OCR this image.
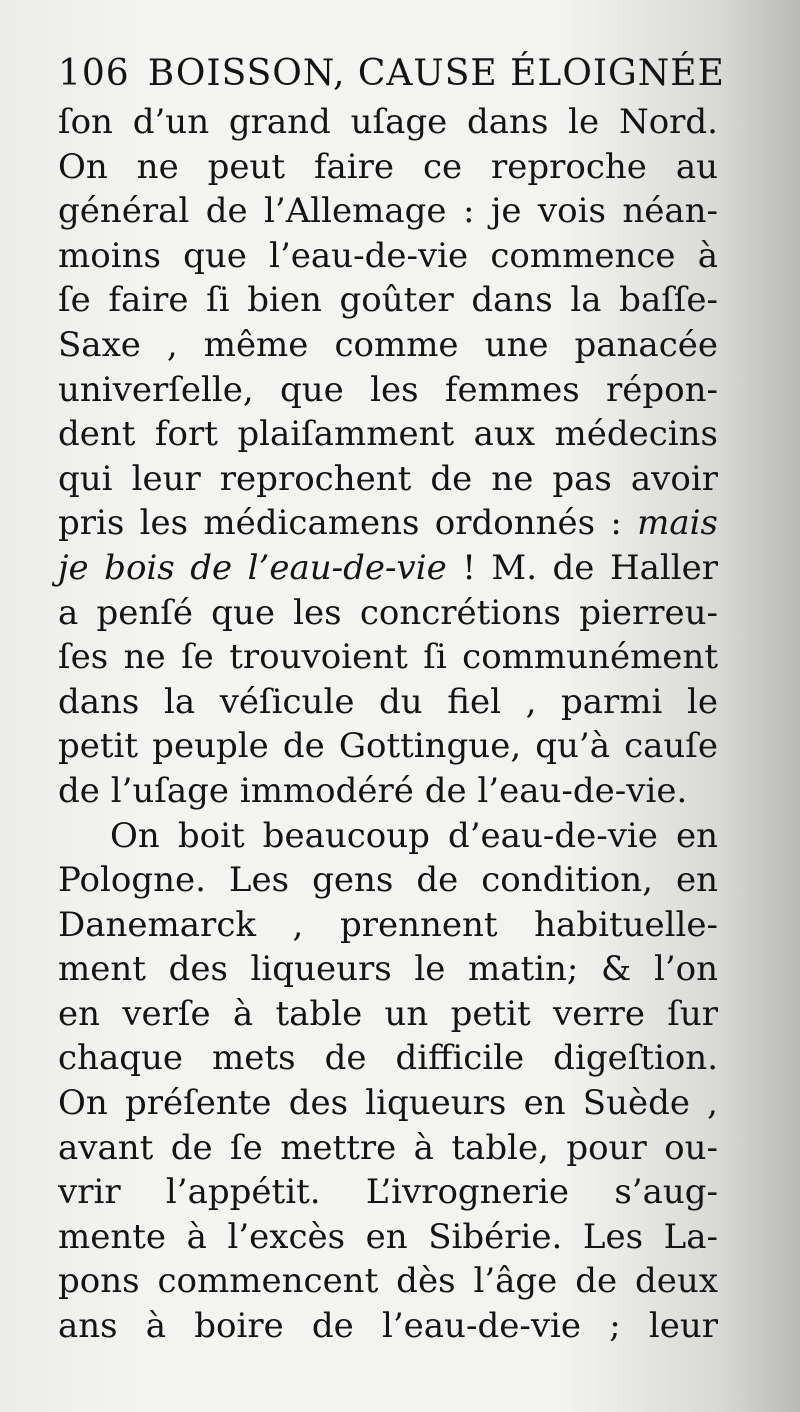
106 BOISSON, CAUSE ÉLOIGNÉE
ſon d’un grand uſage dans le Nord.
On ne peut faire ce reproche au
général de l’Allemage : je vois néan-
moins que l’eau-de-vie commence à
ſe faire ſi bien goûter dans la baſſe-
Saxe , même comme une panacée
univerſelle, que les femmes répon-
dent fort plaiſamment aux médecins
qui leur reprochent de ne pas avoir
pris les médicamens ordonnés : mais
je bois de l’eau-de-vie ! M. de Haller
a penſé que les concrétions pierreu-
ſes ne ſe trouvoient ſi communément
dans la véſicule du fiel , parmi le
petit peuple de Gottingue, qu’à cauſe
de l’uſage immodéré de l’eau-de-vie.
On boit beaucoup d’eau-de-vie en
Pologne. Les gens de condition, en
Danemarck , prennent habituelle-
ment des liqueurs le matin; & l’on
en verſe à table un petit verre ſur
chaque mets de difficile digeſtion.
On préſente des liqueurs en Suède ,
avant de ſe mettre à table, pour ou-
vrir l’appétit. L’ivrognerie s’aug-
mente à l’excès en Sibérie. Les La-
pons commencent dès l’âge de deux
ans à boire de l’eau-de-vie ; leur
